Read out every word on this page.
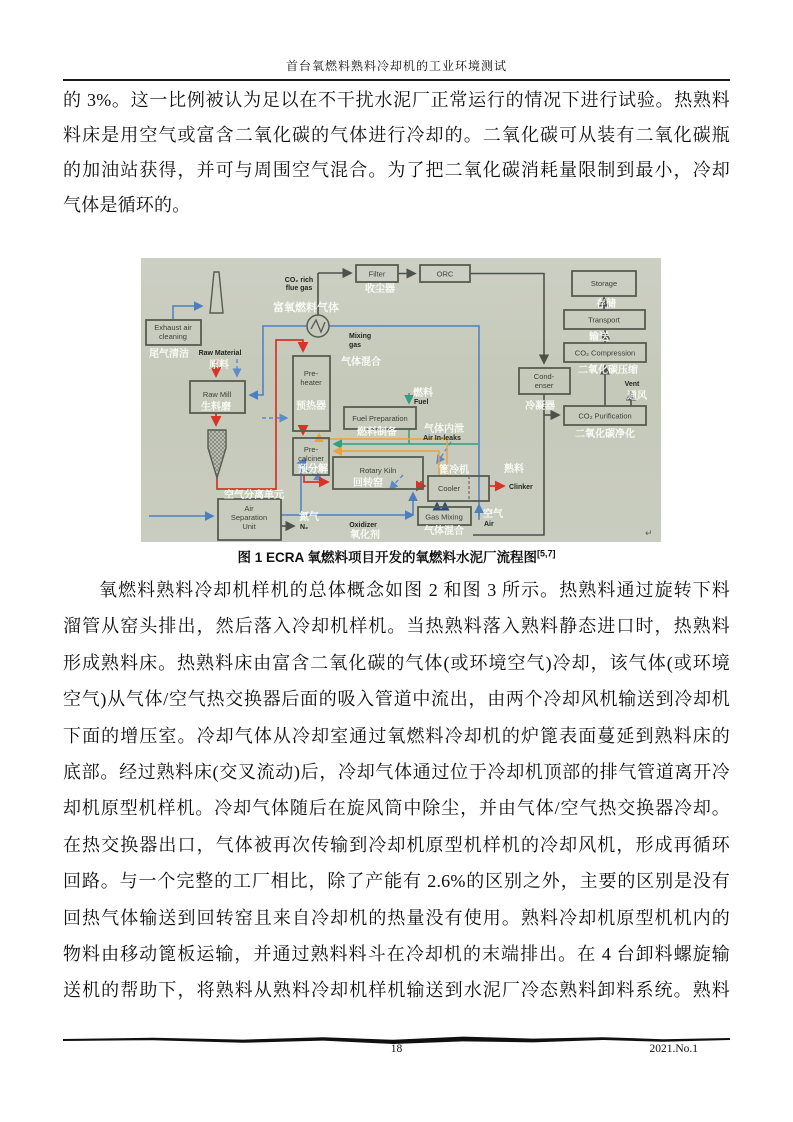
首台氧燃料熟料冷却机的工业环境测试
的 3%。这一比例被认为足以在不干扰水泥厂正常运行的情况下进行试验。热熟料
料床是用空气或富含二氧化碳的气体进行冷却的。二氧化碳可从装有二氧化碳瓶
的加油站获得，并可与周围空气混合。为了把二氧化碳消耗量限制到最小，冷却
气体是循环的。
Exhaust air
cleaning
Raw Mill
Filter	ORC
Storage
Transport
CO₂ Compression
CO₂ Purification
Cond-
enser
Pre-
heater
Fuel Preparation
Pre-
calciner
Rotary Kiln
Cooler
Gas Mixing
Air
Separation
Unit
Raw Material
CO₂ rich
flue gas
Mixing
gas
Fuel
Air In-leaks
Clinker
Air
N₂	Oxidizer
Vent
↵
尾气清洁
原料
生料磨
富氧燃料气体
收尘器
气体混合
预热器
燃料制备
燃料
预分解
回转窑
气体内泄
篦冷机	熟料
气体混合
空气
空气分离单元
氮气
氧化剂
存储
输送
二氧化碳压缩
通风
二氧化碳净化
冷凝器
图 1 ECRA 氧燃料项目开发的氧燃料水泥厂流程图[5,7]
氧燃料熟料冷却机样机的总体概念如图 2 和图 3 所示。热熟料通过旋转下料
溜管从窑头排出，然后落入冷却机样机。当热熟料落入熟料静态进口时，热熟料
形成熟料床。热熟料床由富含二氧化碳的气体(或环境空气)冷却，该气体(或环境
空气)从气体/空气热交换器后面的吸入管道中流出，由两个冷却风机输送到冷却机
下面的增压室。冷却气体从冷却室通过氧燃料冷却机的炉篦表面蔓延到熟料床的
底部。经过熟料床(交叉流动)后，冷却气体通过位于冷却机顶部的排气管道离开冷
却机原型机样机。冷却气体随后在旋风筒中除尘，并由气体/空气热交换器冷却。
在热交换器出口，气体被再次传输到冷却机原型机样机的冷却风机，形成再循环
回路。与一个完整的工厂相比，除了产能有 2.6%的区别之外，主要的区别是没有
回热气体输送到回转窑且来自冷却机的热量没有使用。熟料冷却机原型机机内的
物料由移动篦板运输，并通过熟料料斗在冷却机的末端排出。在 4 台卸料螺旋输
送机的帮助下，将熟料从熟料冷却机样机输送到水泥厂冷态熟料卸料系统。熟料
18	2021.No.1
